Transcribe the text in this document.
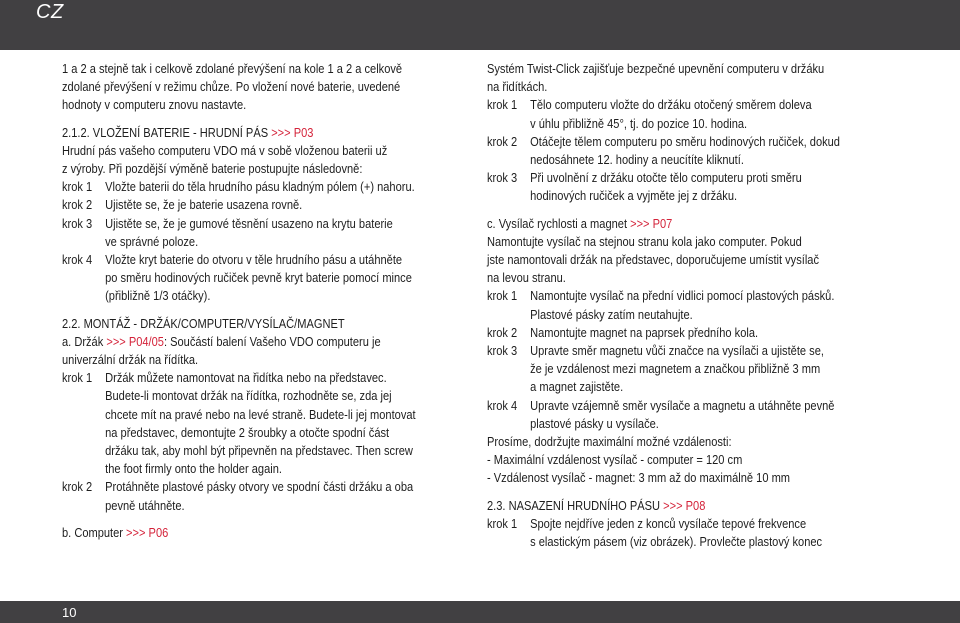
CZ
1 a 2 a stejně tak i celkově zdolané převýšení na kole 1 a 2 a celkově
zdolané převýšení v režimu chůze. Po vložení nové baterie, uvedené
hodnoty v computeru znovu nastavte.
2.1.2. VLOŽENÍ BATERIE - HRUDNÍ PÁS >>> P03
Hrudní pás vašeho computeru VDO má v sobě vloženou baterii už
z výroby. Při pozdější výměně baterie postupujte následovně:
krok 1	Vložte baterii do těla hrudního pásu kladným pólem (+) nahoru.
krok 2	Ujistěte se, že je baterie usazena rovně.
krok 3	Ujistěte se, že je gumové těsnění usazeno na krytu baterie
ve správné poloze.
krok 4	Vložte kryt baterie do otvoru v těle hrudního pásu a utáhněte
po směru hodinových ručiček pevně kryt baterie pomocí mince
(přibližně 1/3 otáčky).
2.2. MONTÁŽ - DRŽÁK/COMPUTER/VYSÍLAČ/MAGNET
a. Držák >>> P04/05: Součástí balení Vašeho VDO computeru je
univerzální držák na řídítka.
krok 1	Držák můžete namontovat na řidítka nebo na představec.
Budete-li montovat držák na řídítka, rozhodněte se, zda jej
chcete mít na pravé nebo na levé straně. Budete-li jej montovat
na představec, demontujte 2 šroubky a otočte spodní část
držáku tak, aby mohl být připevněn na představec. Then screw
the foot firmly onto the holder again.
krok 2	Protáhněte plastové pásky otvory ve spodní části držáku a oba
pevně utáhněte.
b. Computer >>> P06
Systém Twist-Click zajišťuje bezpečné upevnění computeru v držáku
na řidítkách.
krok 1	Tělo computeru vložte do držáku otočený směrem doleva
v úhlu přibližně 45°, tj. do pozice 10. hodina.
krok 2	Otáčejte tělem computeru po směru hodinových ručiček, dokud
nedosáhnete 12. hodiny a neucítíte kliknutí.
krok 3	Při uvolnění z držáku otočte tělo computeru proti směru
hodinových ručiček a vyjměte jej z držáku.
c. Vysílač rychlosti a magnet >>> P07
Namontujte vysílač na stejnou stranu kola jako computer. Pokud
jste namontovali držák na představec, doporučujeme umístit vysílač
na levou stranu.
krok 1	Namontujte vysílač na přední vidlici pomocí plastových pásků.
Plastové pásky zatím neutahujte.
krok 2	Namontujte magnet na paprsek předního kola.
krok 3	Upravte směr magnetu vůči značce na vysílači a ujistěte se,
že je vzdálenost mezi magnetem a značkou přibližně 3 mm
a magnet zajistěte.
krok 4	Upravte vzájemně směr vysílače a magnetu a utáhněte pevně
plastové pásky u vysílače.
Prosíme, dodržujte maximální možné vzdálenosti:
- Maximální vzdálenost vysílač - computer = 120 cm
- Vzdálenost vysílač - magnet: 3 mm až do maximálně 10 mm
2.3. NASAZENÍ HRUDNÍHO PÁSU >>> P08
krok 1	Spojte nejdříve jeden z konců vysílače tepové frekvence
s elastickým pásem (viz obrázek). Provlečte plastový konec
10
